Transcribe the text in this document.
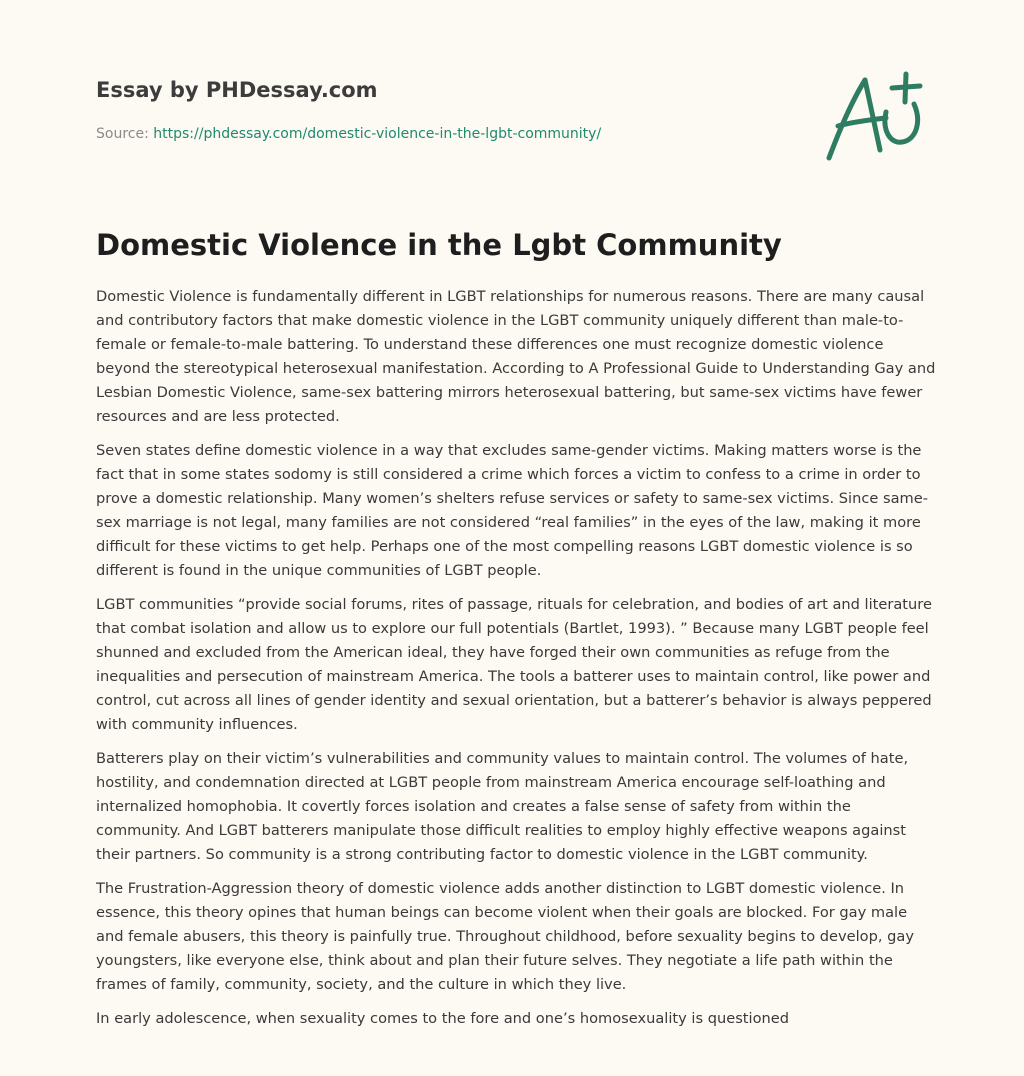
Essay by PHDessay.com
Source: https://phdessay.com/domestic-violence-in-the-lgbt-community/
Domestic Violence in the Lgbt Community

Domestic Violence is fundamentally different in LGBT relationships for numerous reasons. There are many causal and contributory factors that make domestic violence in the LGBT community uniquely different than male-to-female or female-to-male battering. To understand these differences one must recognize domestic violence beyond the stereotypical heterosexual manifestation. According to A Professional Guide to Understanding Gay and Lesbian Domestic Violence, same-sex battering mirrors heterosexual battering, but same-sex victims have fewer resources and are less protected.

Seven states define domestic violence in a way that excludes same-gender victims. Making matters worse is the fact that in some states sodomy is still considered a crime which forces a victim to confess to a crime in order to prove a domestic relationship. Many women’s shelters refuse services or safety to same-sex victims. Since same-sex marriage is not legal, many families are not considered “real families” in the eyes of the law, making it more difficult for these victims to get help. Perhaps one of the most compelling reasons LGBT domestic violence is so different is found in the unique communities of LGBT people.

LGBT communities “provide social forums, rites of passage, rituals for celebration, and bodies of art and literature that combat isolation and allow us to explore our full potentials (Bartlet, 1993). ” Because many LGBT people feel shunned and excluded from the American ideal, they have forged their own communities as refuge from the inequalities and persecution of mainstream America. The tools a batterer uses to maintain control, like power and control, cut across all lines of gender identity and sexual orientation, but a batterer’s behavior is always peppered with community influences.

Batterers play on their victim’s vulnerabilities and community values to maintain control. The volumes of hate, hostility, and condemnation directed at LGBT people from mainstream America encourage self-loathing and internalized homophobia. It covertly forces isolation and creates a false sense of safety from within the community. And LGBT batterers manipulate those difficult realities to employ highly effective weapons against their partners. So community is a strong contributing factor to domestic violence in the LGBT community.

The Frustration-Aggression theory of domestic violence adds another distinction to LGBT domestic violence. In essence, this theory opines that human beings can become violent when their goals are blocked. For gay male and female abusers, this theory is painfully true. Throughout childhood, before sexuality begins to develop, gay youngsters, like everyone else, think about and plan their future selves. They negotiate a life path within the frames of family, community, society, and the culture in which they live.

In early adolescence, when sexuality comes to the fore and one’s homosexuality is questioned
